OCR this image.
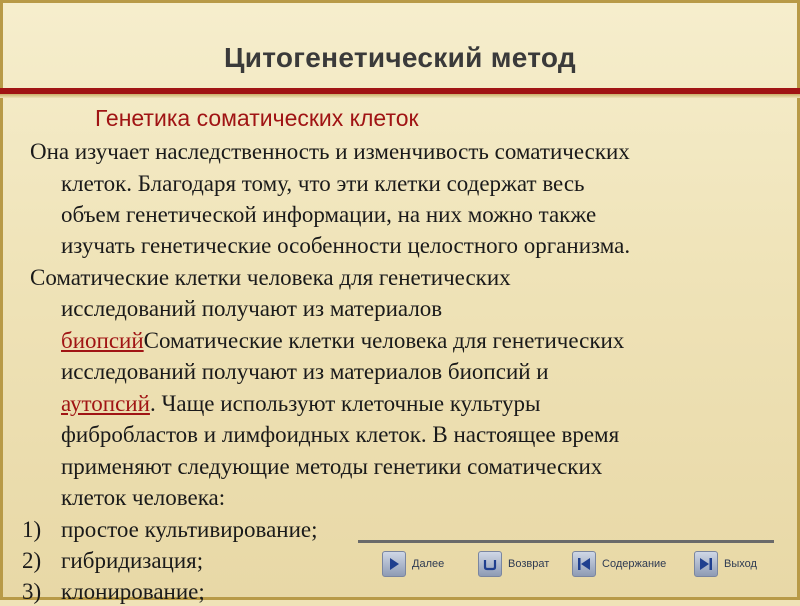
Цитогенетический метод
Генетика соматических клеток
Она изучает наследственность и изменчивость соматических
клеток. Благодаря тому, что эти клетки содержат весь
объем генетической информации, на них можно также
изучать генетические особенности целостного организма.
Соматические клетки человека для генетических
исследований получают из материалов
биопсийСоматические клетки человека для генетических
исследований получают из материалов биопсий и
аутопсий. Чаще используют клеточные культуры
фибробластов и лимфоидных клеток. В настоящее время
применяют следующие методы генетики соматических
клеток человека:
1) простое культивирование;
2) гибридизация;
3) клонирование;
Далее	Возврат	Содержание	Выход
